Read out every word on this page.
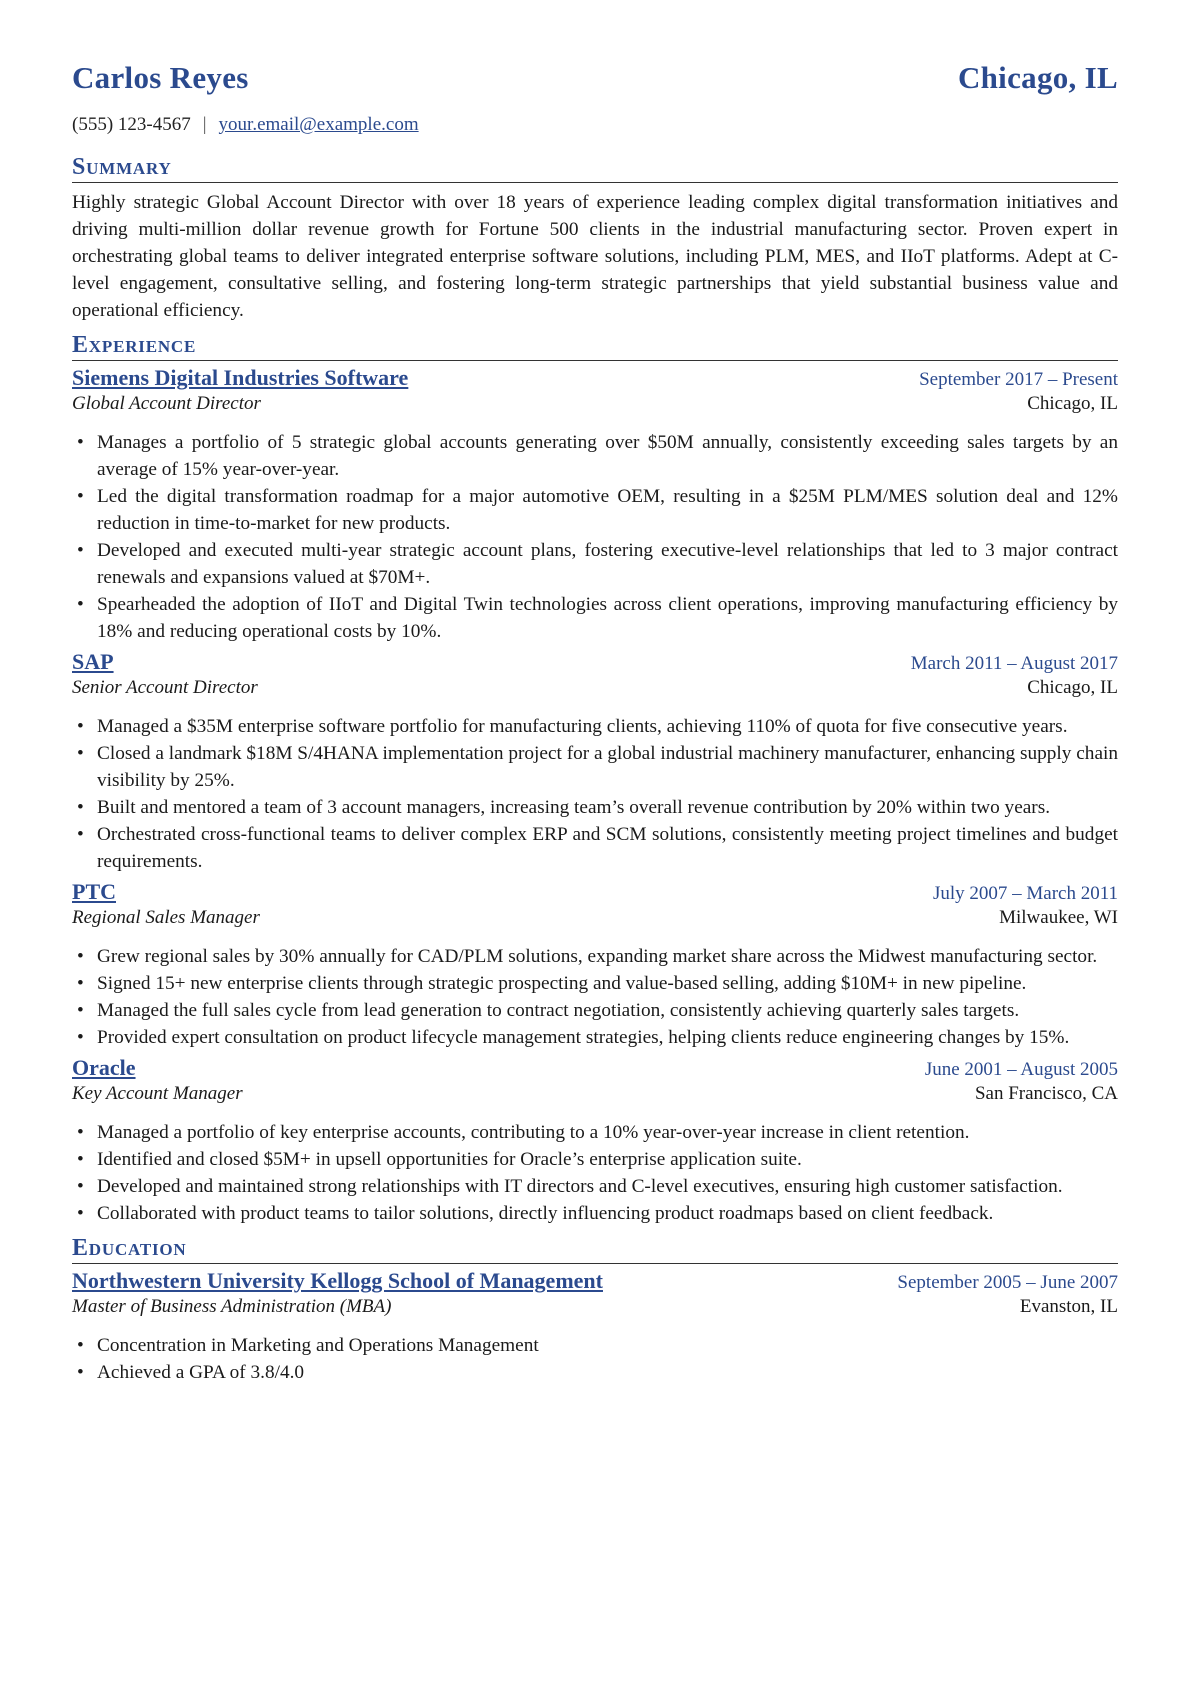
Carlos Reyes	Chicago, IL
(555) 123-4567 | your.email@example.com
Summary
Highly strategic Global Account Director with over 18 years of experience leading complex digital transformation initiatives and driving multi-million dollar revenue growth for Fortune 500 clients in the industrial manufacturing sector. Proven expert in orchestrating global teams to deliver integrated enterprise software solutions, including PLM, MES, and IIoT platforms. Adept at C-level engagement, consultative selling, and fostering long-term strategic partnerships that yield substantial business value and operational efficiency.
Experience
Siemens Digital Industries Software	September 2017 – Present
Global Account Director	Chicago, IL
• Manages a portfolio of 5 strategic global accounts generating over $50M annually, consistently exceeding sales targets by an average of 15% year-over-year.
• Led the digital transformation roadmap for a major automotive OEM, resulting in a $25M PLM/MES solution deal and 12% reduction in time-to-market for new products.
• Developed and executed multi-year strategic account plans, fostering executive-level relationships that led to 3 major contract renewals and expansions valued at $70M+.
• Spearheaded the adoption of IIoT and Digital Twin technologies across client operations, improving manufacturing efficiency by 18% and reducing operational costs by 10%.
SAP	March 2011 – August 2017
Senior Account Director	Chicago, IL
• Managed a $35M enterprise software portfolio for manufacturing clients, achieving 110% of quota for five consecutive years.
• Closed a landmark $18M S/4HANA implementation project for a global industrial machinery manufacturer, enhancing supply chain visibility by 25%.
• Built and mentored a team of 3 account managers, increasing team’s overall revenue contribution by 20% within two years.
• Orchestrated cross-functional teams to deliver complex ERP and SCM solutions, consistently meeting project timelines and budget requirements.
PTC	July 2007 – March 2011
Regional Sales Manager	Milwaukee, WI
• Grew regional sales by 30% annually for CAD/PLM solutions, expanding market share across the Midwest manufacturing sector.
• Signed 15+ new enterprise clients through strategic prospecting and value-based selling, adding $10M+ in new pipeline.
• Managed the full sales cycle from lead generation to contract negotiation, consistently achieving quarterly sales targets.
• Provided expert consultation on product lifecycle management strategies, helping clients reduce engineering changes by 15%.
Oracle	June 2001 – August 2005
Key Account Manager	San Francisco, CA
• Managed a portfolio of key enterprise accounts, contributing to a 10% year-over-year increase in client retention.
• Identified and closed $5M+ in upsell opportunities for Oracle’s enterprise application suite.
• Developed and maintained strong relationships with IT directors and C-level executives, ensuring high customer satisfaction.
• Collaborated with product teams to tailor solutions, directly influencing product roadmaps based on client feedback.
Education
Northwestern University Kellogg School of Management	September 2005 – June 2007
Master of Business Administration (MBA)	Evanston, IL
• Concentration in Marketing and Operations Management
• Achieved a GPA of 3.8/4.0
